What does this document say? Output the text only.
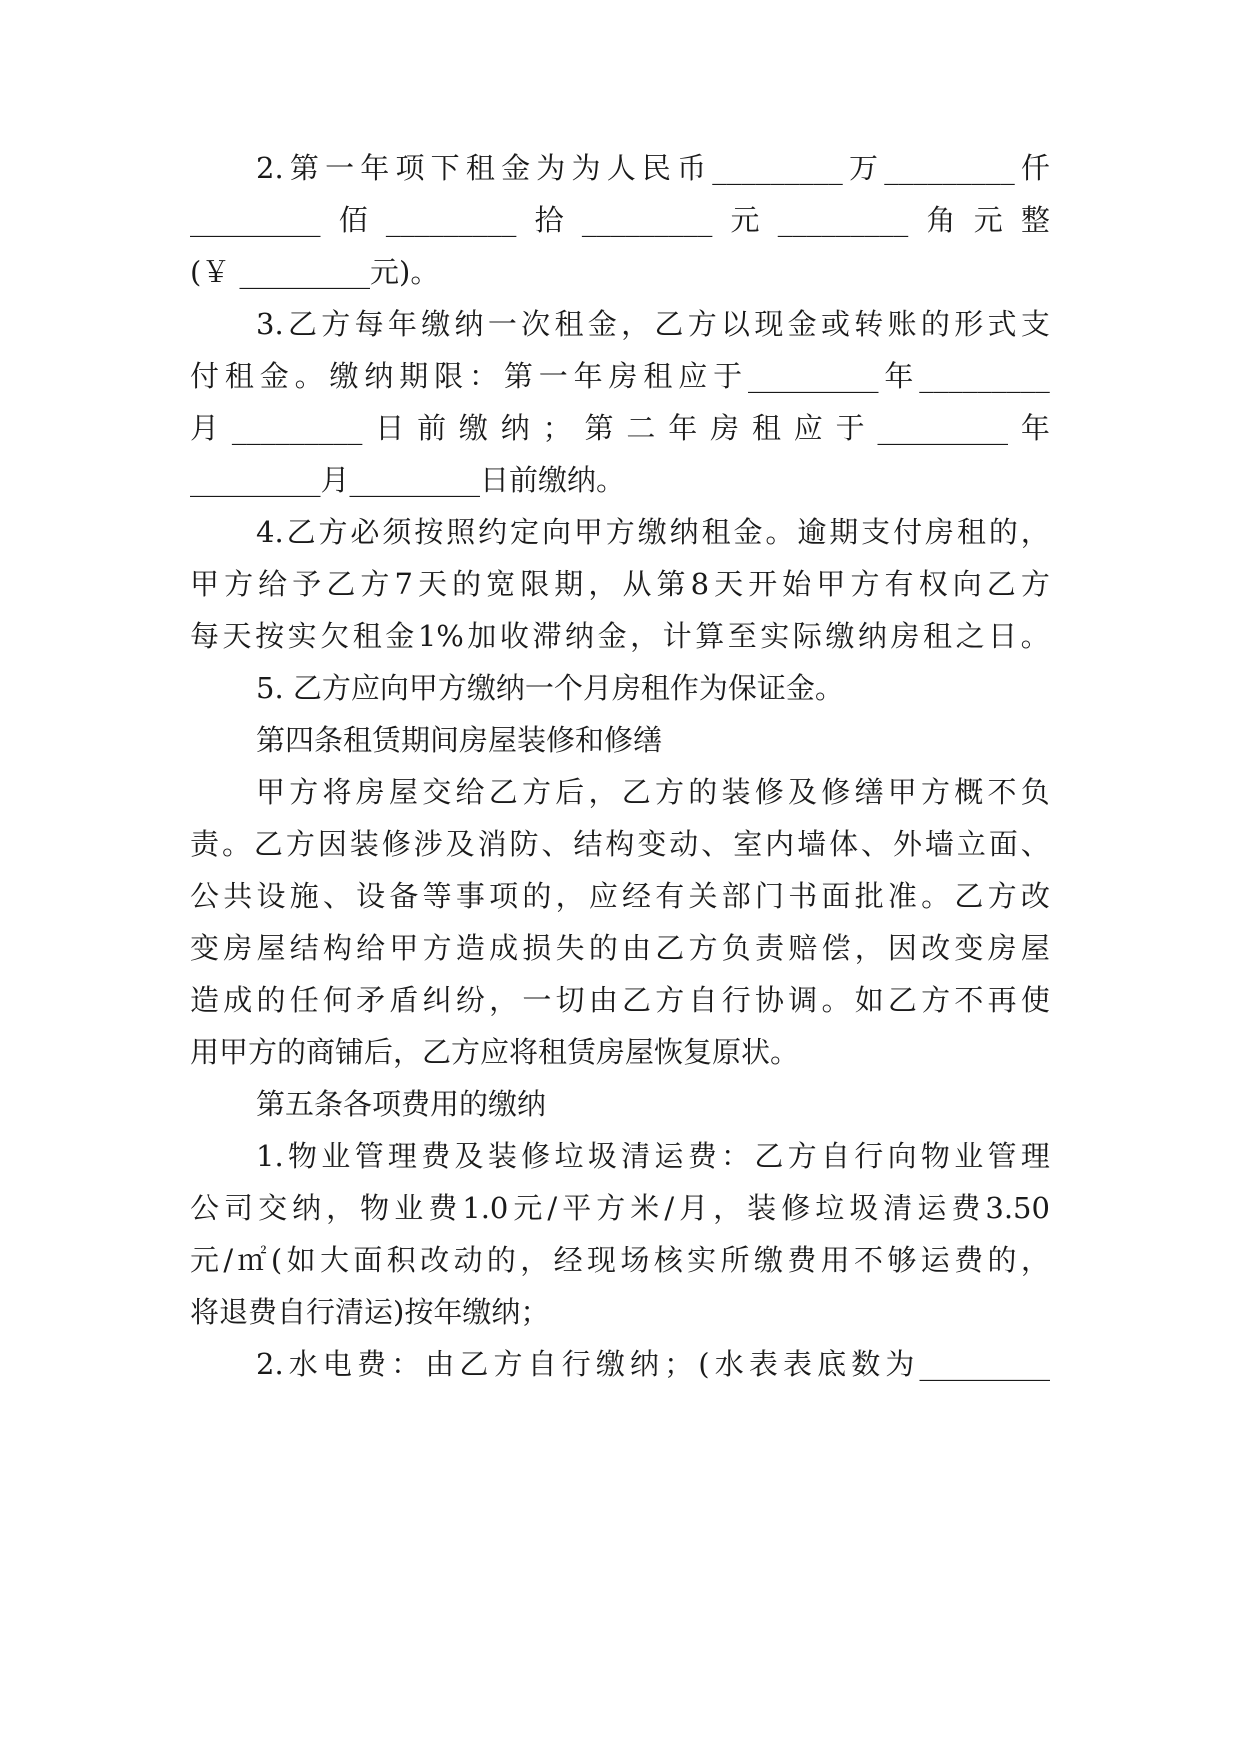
2. 第 一 年 项 下 租 金 为 为 人 民 币 _________ 万 _________ 仟
_________ 佰 _________ 拾 _________ 元 _________ 角 元 整
(￥ _________元)。
3. 乙 方 每 年 缴 纳 一 次 租 金 ， 乙 方 以 现 金 或 转 账 的 形 式 支
付 租 金 。 缴 纳 期 限 ： 第 一 年 房 租 应 于 _________ 年 _________
月 _________ 日 前 缴 纳 ； 第 二 年 房 租 应 于 _________ 年
_________月_________日前缴纳。
4. 乙 方 必 须 按 照 约 定 向 甲 方 缴 纳 租 金 。 逾 期 支 付 房 租 的 ，
甲 方 给 予 乙 方 7 天 的 宽 限 期 ， 从 第 8 天 开 始 甲 方 有 权 向 乙 方
每 天 按 实 欠 租 金 1% 加 收 滞 纳 金 ， 计 算 至 实 际 缴 纳 房 租 之 日 。
5. 乙方应向甲方缴纳一个月房租作为保证金。
第四条租赁期间房屋装修和修缮
甲 方 将 房 屋 交 给 乙 方 后 ， 乙 方 的 装 修 及 修 缮 甲 方 概 不 负
责 。 乙 方 因 装 修 涉 及 消 防 、 结 构 变 动 、 室 内 墙 体 、 外 墙 立 面 、
公 共 设 施 、 设 备 等 事 项 的 ， 应 经 有 关 部 门 书 面 批 准 。 乙 方 改
变 房 屋 结 构 给 甲 方 造 成 损 失 的 由 乙 方 负 责 赔 偿 ， 因 改 变 房 屋
造 成 的 任 何 矛 盾 纠 纷 ， 一 切 由 乙 方 自 行 协 调 。 如 乙 方 不 再 使
用甲方的商铺后，乙方应将租赁房屋恢复原状。
第五条各项费用的缴纳
1. 物 业 管 理 费 及 装 修 垃 圾 清 运 费 ： 乙 方 自 行 向 物 业 管 理
公 司 交 纳 ， 物 业 费 1.0 元 / 平 方 米 / 月 ， 装 修 垃 圾 清 运 费 3.50
元 / ㎡ ( 如 大 面 积 改 动 的 ， 经 现 场 核 实 所 缴 费 用 不 够 运 费 的 ，
将退费自行清运)按年缴纳；
2. 水 电 费 ： 由 乙 方 自 行 缴 纳 ； ( 水 表 表 底 数 为 _________
